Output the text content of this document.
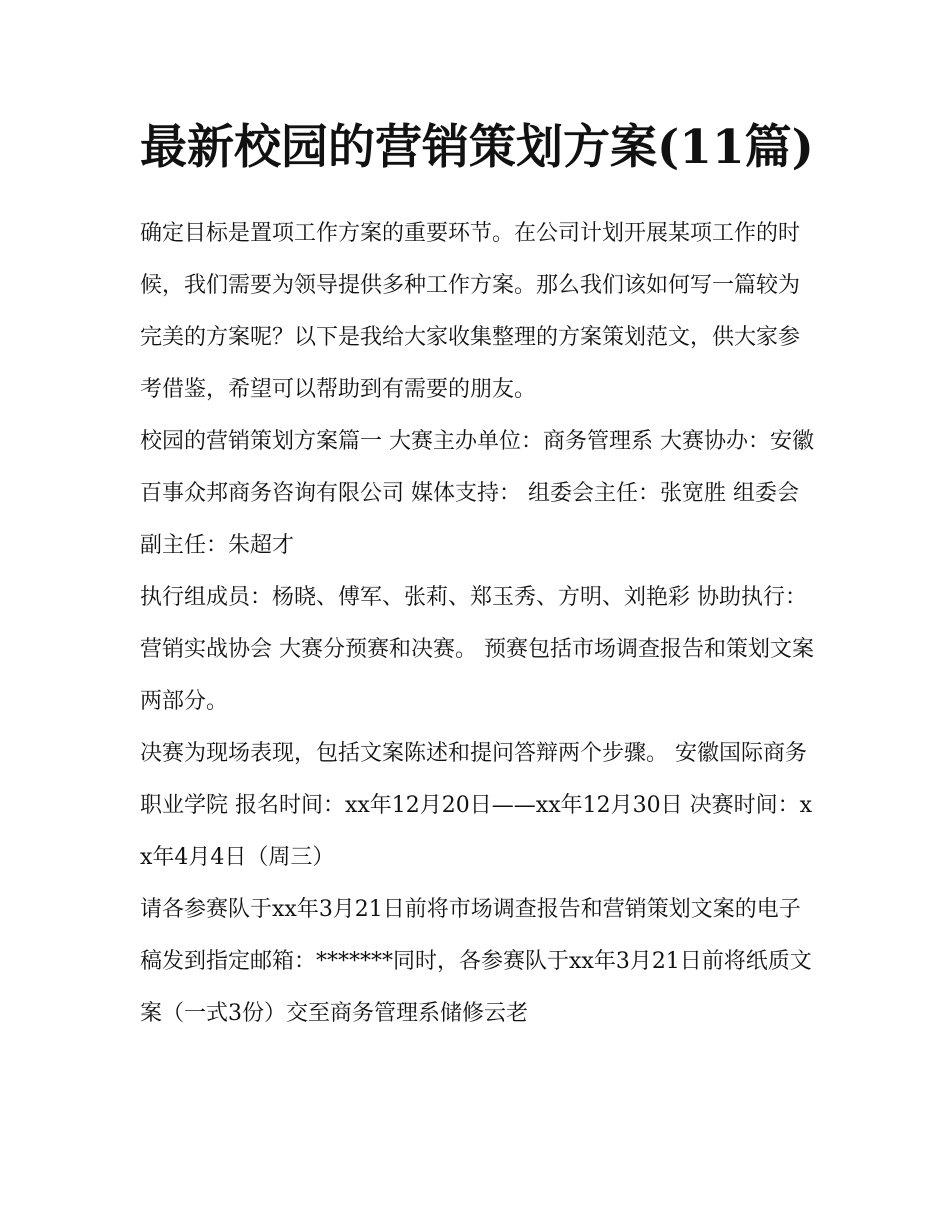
最新校园的营销策划方案(11篇)

确定目标是置项工作方案的重要环节。在公司计划开展某项工作的时候，我们需要为领导提供多种工作方案。那么我们该如何写一篇较为完美的方案呢？以下是我给大家收集整理的方案策划范文，供大家参考借鉴，希望可以帮助到有需要的朋友。

校园的营销策划方案篇一 大赛主办单位：商务管理系 大赛协办：安徽百事众邦商务咨询有限公司 媒体支持： 组委会主任：张宽胜 组委会副主任：朱超才

执行组成员：杨晓、傅军、张莉、郑玉秀、方明、刘艳彩 协助执行：营销实战协会 大赛分预赛和决赛。 预赛包括市场调查报告和策划文案两部分。

决赛为现场表现，包括文案陈述和提问答辩两个步骤。 安徽国际商务职业学院 报名时间：xx年12月20日——xx年12月30日 决赛时间：xx年4月4日（周三）

请各参赛队于xx年3月21日前将市场调查报告和营销策划文案的电子稿发到指定邮箱：*******同时，各参赛队于xx年3月21日前将纸质文案（一式3份）交至商务管理系储修云老
